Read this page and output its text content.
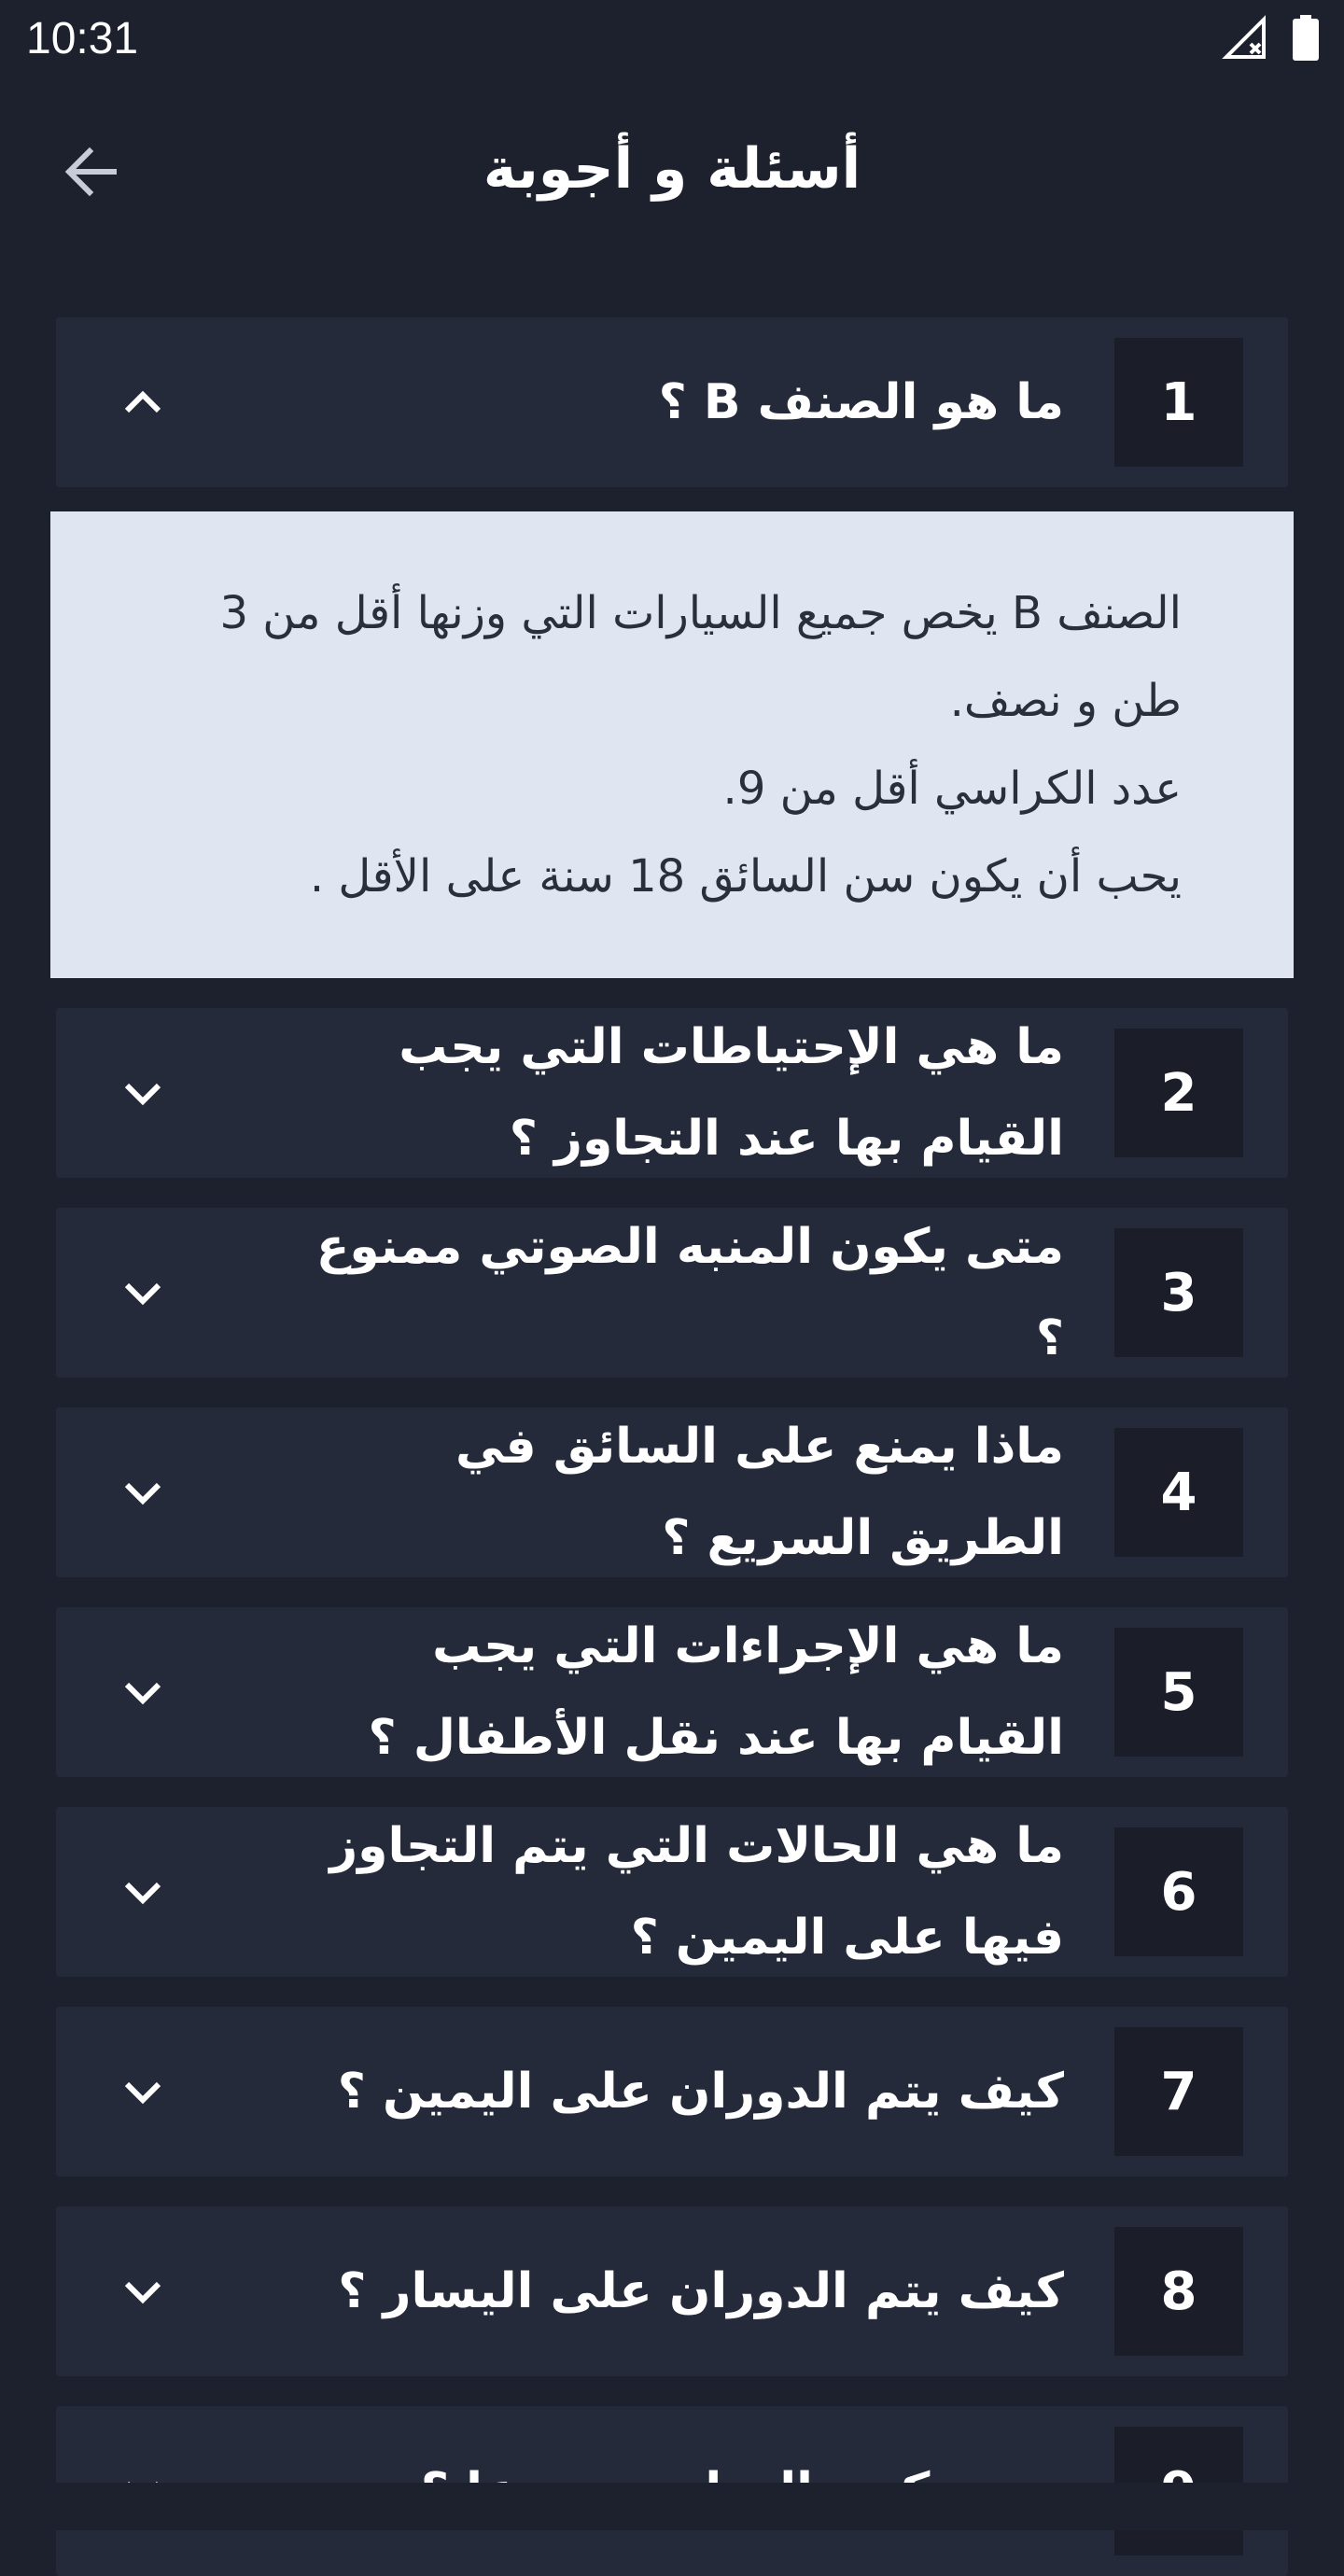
10:31
أسئلة و أجوبة
1
ما هو الصنف B ؟
الصنف B يخص جميع السيارات التي وزنها أقل من 3
طن و نصف.
عدد الكراسي أقل من 9.
يحب أن يكون سن السائق 18 سنة على الأقل .
2
ما هي الإحتياطات التي يجب القيام بها عند التجاوز ؟
3
متى يكون المنبه الصوتي ممنوع ؟
4
ماذا يمنع على السائق في الطريق السريع ؟
5
ما هي الإجراءات التي يجب القيام بها عند نقل الأطفال ؟
6
ما هي الحالات التي يتم التجاوز فيها على اليمين ؟
7
كيف يتم الدوران على اليمين ؟
8
كيف يتم الدوران على اليسار ؟
